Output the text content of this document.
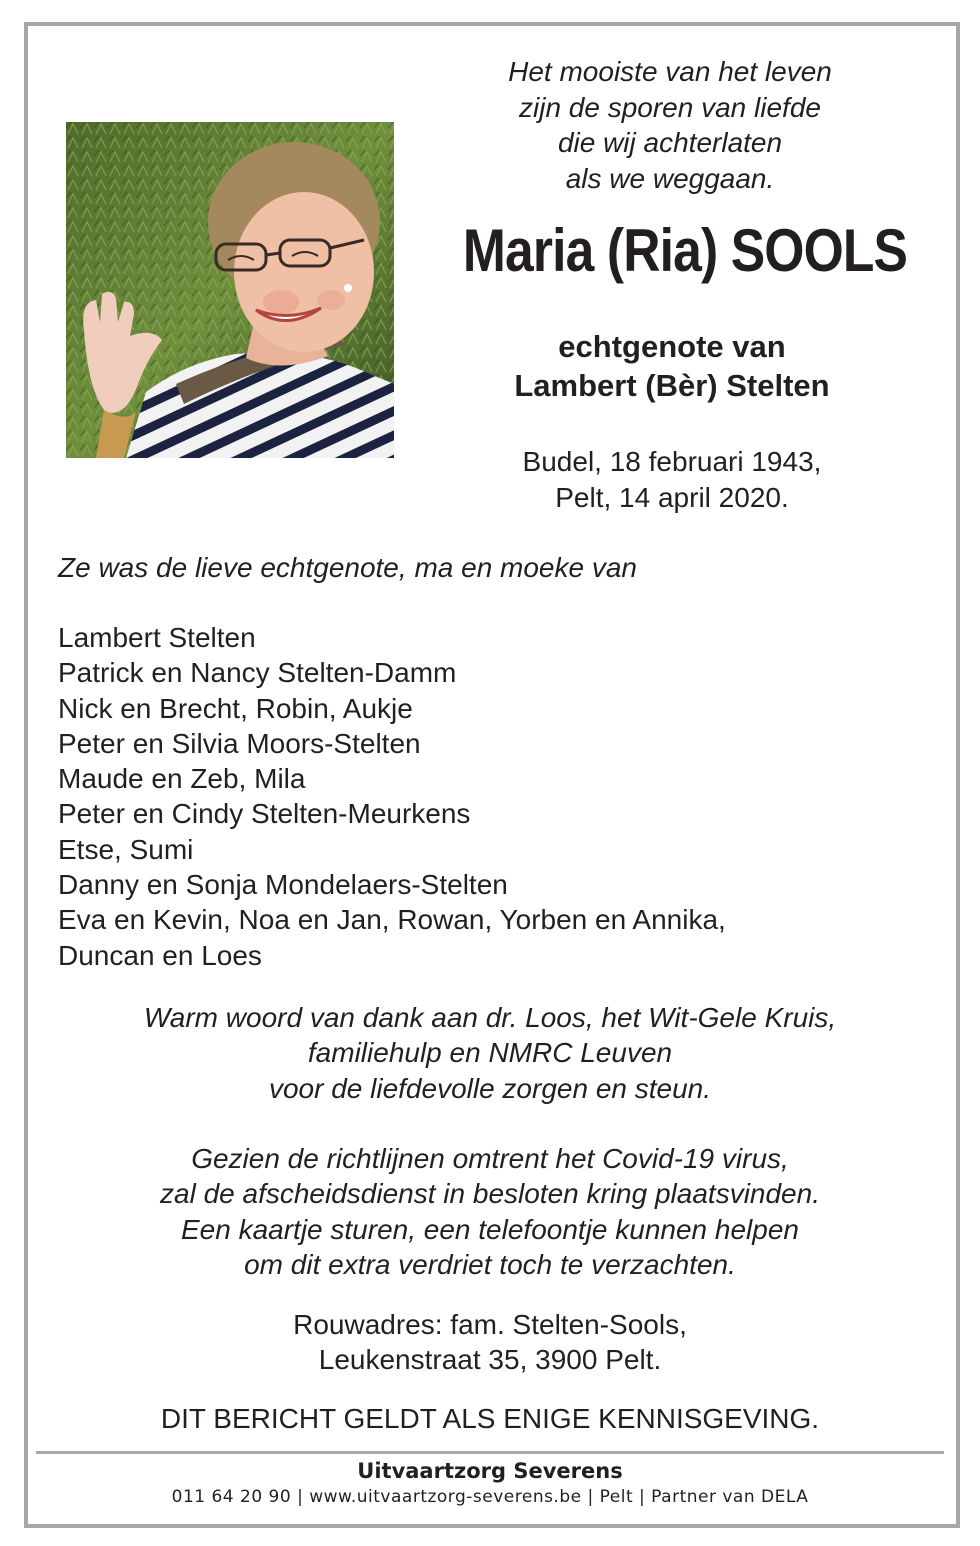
Het mooiste van het leven
zijn de sporen van liefde
die wij achterlaten
als we weggaan.
Maria (Ria) SOOLS
echtgenote van
Lambert (Bèr) Stelten
Budel, 18 februari 1943,
Pelt, 14 april 2020.
Ze was de lieve echtgenote, ma en moeke van
Lambert Stelten
Patrick en Nancy Stelten-Damm
Nick en Brecht, Robin, Aukje
Peter en Silvia Moors-Stelten
Maude en Zeb, Mila
Peter en Cindy Stelten-Meurkens
Etse, Sumi
Danny en Sonja Mondelaers-Stelten
Eva en Kevin, Noa en Jan, Rowan, Yorben en Annika,
Duncan en Loes
Warm woord van dank aan dr. Loos, het Wit-Gele Kruis,
familiehulp en NMRC Leuven
voor de liefdevolle zorgen en steun.
Gezien de richtlijnen omtrent het Covid-19 virus,
zal de afscheidsdienst in besloten kring plaatsvinden.
Een kaartje sturen, een telefoontje kunnen helpen
om dit extra verdriet toch te verzachten.
Rouwadres: fam. Stelten-Sools,
Leukenstraat 35, 3900 Pelt.
DIT BERICHT GELDT ALS ENIGE KENNISGEVING.
Uitvaartzorg Severens
011 64 20 90 | www.uitvaartzorg-severens.be | Pelt | Partner van DELA
